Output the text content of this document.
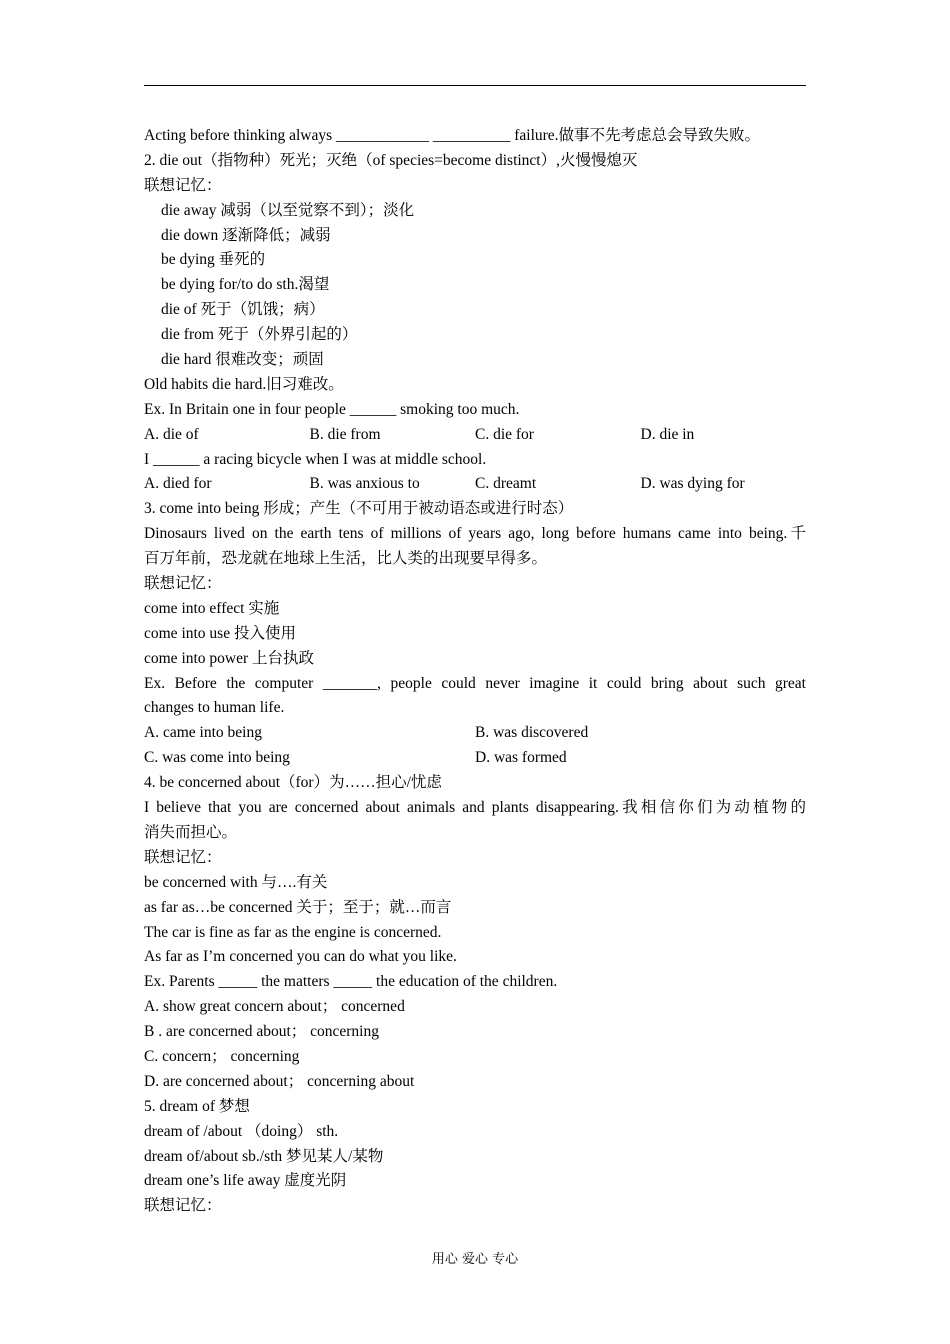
Acting before thinking always ____________ __________ failure.做事不先考虑总会导致失败。
2. die out（指物种）死光；灭绝（of species=become distinct）,火慢慢熄灭
联想记忆：
die away 减弱（以至觉察不到）；淡化
die down 逐渐降低；减弱
be dying 垂死的
be dying for/to do sth.渴望
die of 死于（饥饿；病）
die from 死于（外界引起的）
die hard 很难改变；顽固
Old habits die hard.旧习难改。
Ex. In Britain one in four people ______ smoking too much.
A. die of	B. die from	C. die for	D. die in
I ______ a racing bicycle when I was at middle school.
A. died for	B. was anxious to	C. dreamt	D. was dying for
3. come into being 形成；产生（不可用于被动语态或进行时态）
Dinosaurs lived on the earth tens of millions of years ago, long before humans came into being.千
百万年前，恐龙就在地球上生活，比人类的出现要早得多。
联想记忆：
come into effect 实施
come into use 投入使用
come into power 上台执政
Ex. Before the computer _______, people could never imagine it could bring about such great
changes to human life.
A. came into being	B. was discovered
C. was come into being	D. was formed
4. be concerned about（for）为……担心/忧虑
I believe that you are concerned about animals and plants disappearing.我相信你们为动植物的
消失而担心。
联想记忆：
be concerned with 与….有关
as far as…be concerned 关于；至于；就…而言
The car is fine as far as the engine is concerned.
As far as I’m concerned you can do what you like.
Ex. Parents _____ the matters _____ the education of the children.
A. show great concern about； concerned
B . are concerned about； concerning
C. concern； concerning
D. are concerned about； concerning about
5. dream of 梦想
dream of /about （doing） sth.
dream of/about sb./sth 梦见某人/某物
dream one’s life away 虚度光阴
联想记忆：
用心 爱心 专心
